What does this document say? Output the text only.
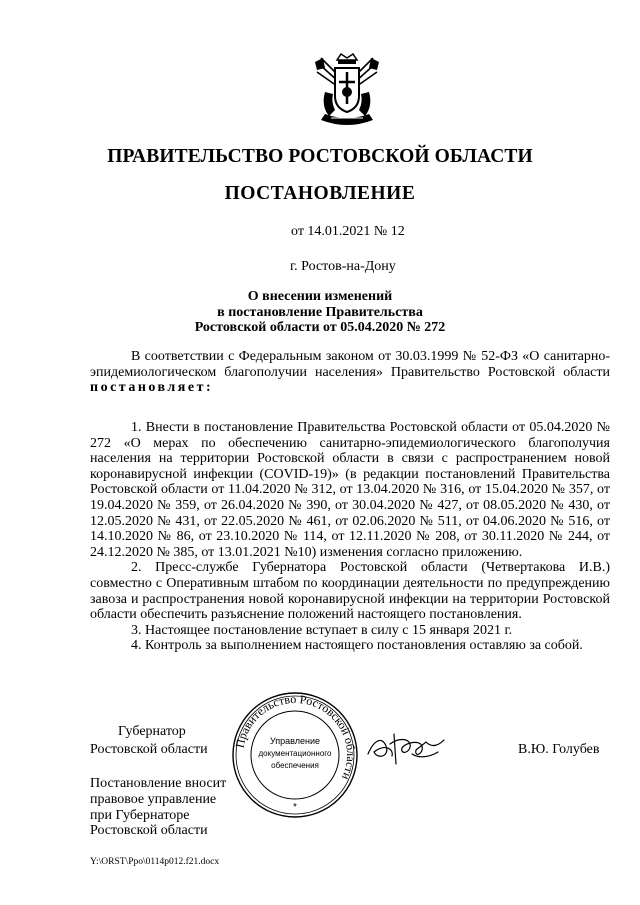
ПРАВИТЕЛЬСТВО РОСТОВСКОЙ ОБЛАСТИ
ПОСТАНОВЛЕНИЕ
от 14.01.2021 № 12
г. Ростов-на-Дону
О внесении изменений
в постановление Правительства
Ростовской области от 05.04.2020 № 272

В соответствии с Федеральным законом от 30.03.1999 № 52-ФЗ «О санитарно-эпидемиологическом благополучии населения» Правительство Ростовской области постановляет:

1. Внести в постановление Правительства Ростовской области от 05.04.2020 № 272 «О мерах по обеспечению санитарно-эпидемиологического благополучия населения на территории Ростовской области в связи с распространением новой коронавирусной инфекции (COVID-19)» (в редакции постановлений Правительства Ростовской области от 11.04.2020 № 312, от 13.04.2020 № 316, от 15.04.2020 № 357, от 19.04.2020 № 359, от 26.04.2020 № 390, от 30.04.2020 № 427, от 08.05.2020 № 430, от 12.05.2020 № 431, от 22.05.2020 № 461, от 02.06.2020 № 511, от 04.06.2020 № 516, от 14.10.2020 № 86, от 23.10.2020 № 114, от 12.11.2020 № 208, от 30.11.2020 № 244, от 24.12.2020 № 385, от 13.01.2021 №10) изменения согласно приложению.

2. Пресс-службе Губернатора Ростовской области (Четвертакова И.В.) совместно с Оперативным штабом по координации деятельности по предупреждению завоза и распространения новой коронавирусной инфекции на территории Ростовской области обеспечить разъяснение положений настоящего постановления.

3. Настоящее постановление вступает в силу с 15 января 2021 г.

4. Контроль за выполнением настоящего постановления оставляю за собой.

Губернатор
Ростовской области Правительство Ростовской области
Управление
документационного
обеспечения
*
В.Ю. Голубев
Постановление вносит
правовое управление
при Губернаторе
Ростовской области
Y:\ORST\Ppo\0114p012.f21.docx
